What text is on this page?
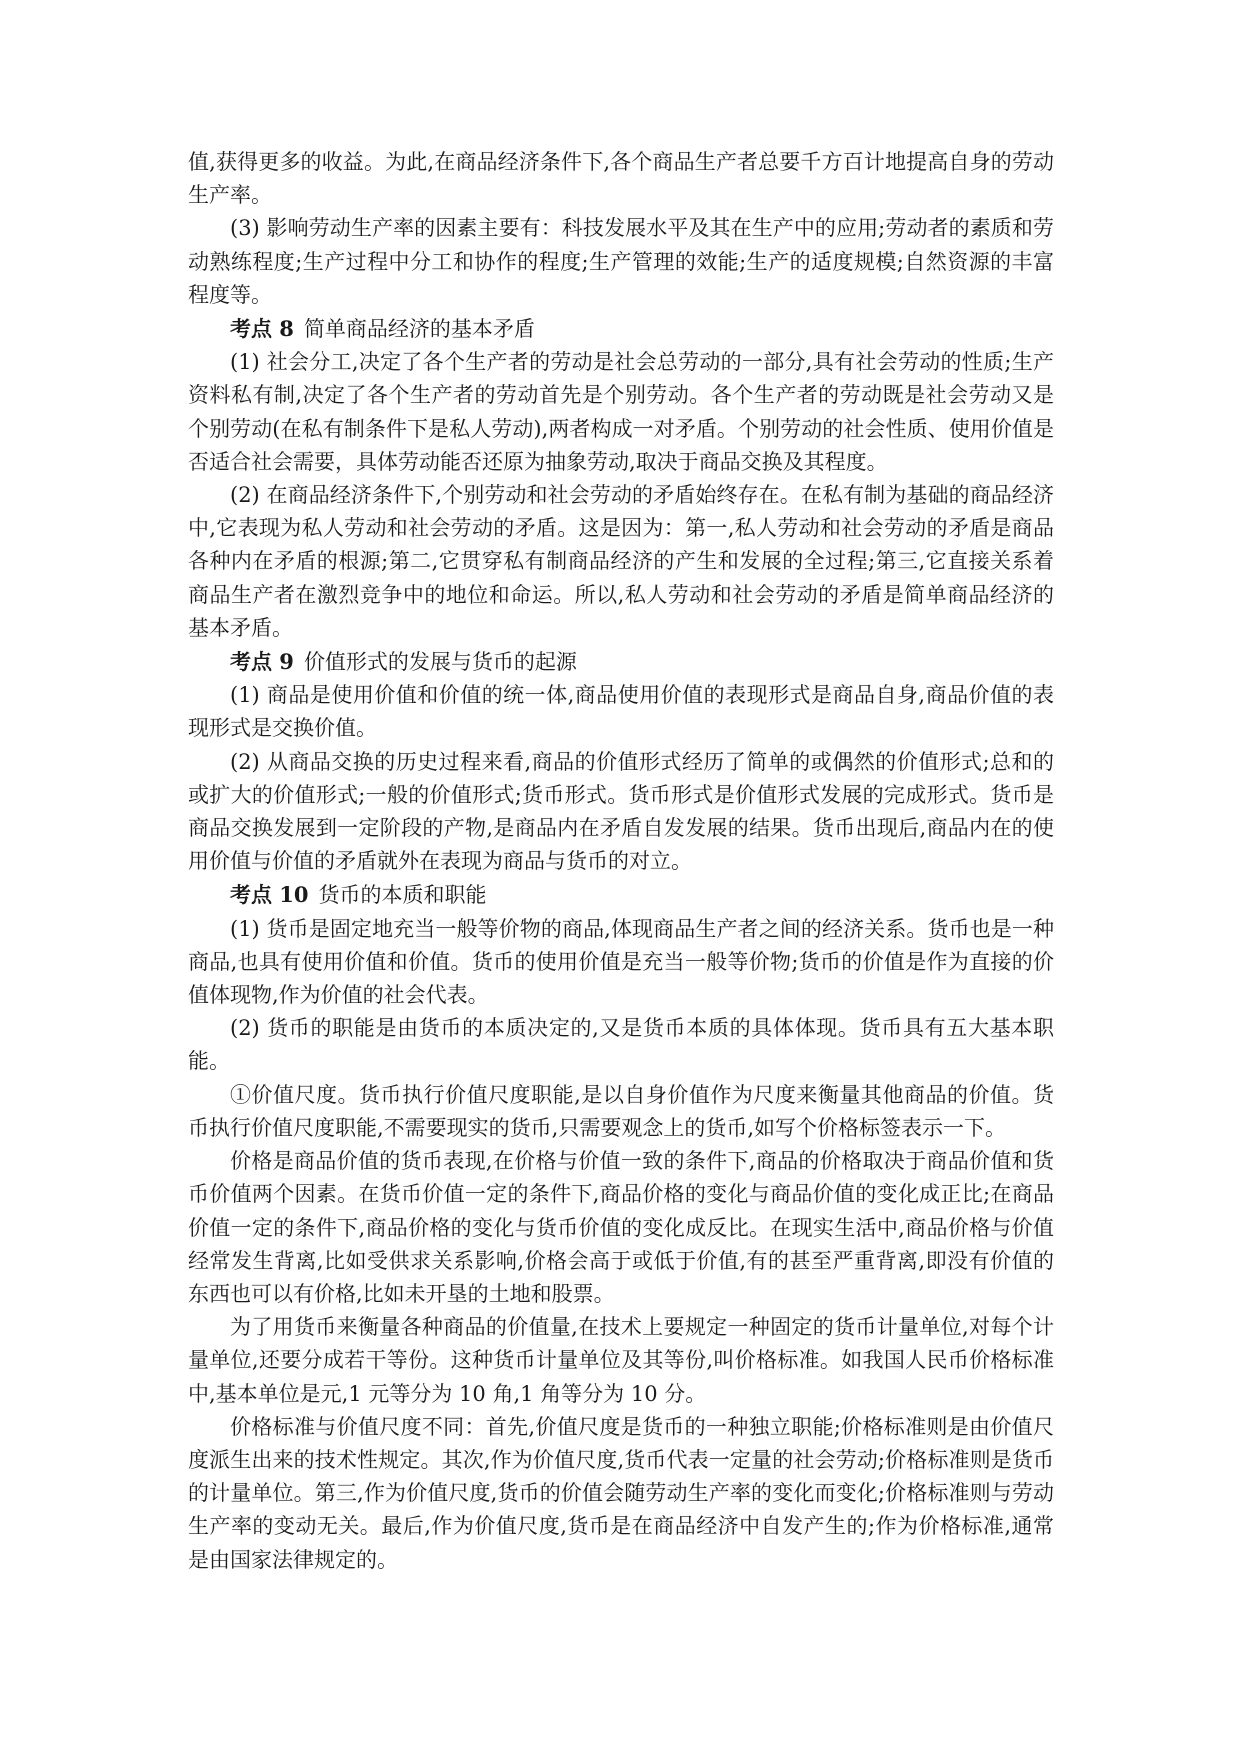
值,获得更多的收益。为此,在商品经济条件下,各个商品生产者总要千方百计地提高自身的劳动生产率。

(3) 影响劳动生产率的因素主要有：科技发展水平及其在生产中的应用;劳动者的素质和劳动熟练程度;生产过程中分工和协作的程度;生产管理的效能;生产的适度规模;自然资源的丰富程度等。

考点 8 简单商品经济的基本矛盾

(1) 社会分工,决定了各个生产者的劳动是社会总劳动的一部分,具有社会劳动的性质;生产资料私有制,决定了各个生产者的劳动首先是个别劳动。各个生产者的劳动既是社会劳动又是个别劳动(在私有制条件下是私人劳动),两者构成一对矛盾。个别劳动的社会性质、使用价值是否适合社会需要，具体劳动能否还原为抽象劳动,取决于商品交换及其程度。

(2) 在商品经济条件下,个别劳动和社会劳动的矛盾始终存在。在私有制为基础的商品经济中,它表现为私人劳动和社会劳动的矛盾。这是因为：第一,私人劳动和社会劳动的矛盾是商品各种内在矛盾的根源;第二,它贯穿私有制商品经济的产生和发展的全过程;第三,它直接关系着商品生产者在激烈竞争中的地位和命运。所以,私人劳动和社会劳动的矛盾是简单商品经济的基本矛盾。

考点 9 价值形式的发展与货币的起源

(1) 商品是使用价值和价值的统一体,商品使用价值的表现形式是商品自身,商品价值的表现形式是交换价值。

(2) 从商品交换的历史过程来看,商品的价值形式经历了简单的或偶然的价值形式;总和的或扩大的价值形式;一般的价值形式;货币形式。货币形式是价值形式发展的完成形式。货币是商品交换发展到一定阶段的产物,是商品内在矛盾自发发展的结果。货币出现后,商品内在的使用价值与价值的矛盾就外在表现为商品与货币的对立。

考点 10 货币的本质和职能

(1) 货币是固定地充当一般等价物的商品,体现商品生产者之间的经济关系。货币也是一种商品,也具有使用价值和价值。货币的使用价值是充当一般等价物;货币的价值是作为直接的价值体现物,作为价值的社会代表。

(2) 货币的职能是由货币的本质决定的,又是货币本质的具体体现。货币具有五大基本职能。

①价值尺度。货币执行价值尺度职能,是以自身价值作为尺度来衡量其他商品的价值。货币执行价值尺度职能,不需要现实的货币,只需要观念上的货币,如写个价格标签表示一下。

价格是商品价值的货币表现,在价格与价值一致的条件下,商品的价格取决于商品价值和货币价值两个因素。在货币价值一定的条件下,商品价格的变化与商品价值的变化成正比;在商品价值一定的条件下,商品价格的变化与货币价值的变化成反比。在现实生活中,商品价格与价值经常发生背离,比如受供求关系影响,价格会高于或低于价值,有的甚至严重背离,即没有价值的东西也可以有价格,比如未开垦的土地和股票。

为了用货币来衡量各种商品的价值量,在技术上要规定一种固定的货币计量单位,对每个计量单位,还要分成若干等份。这种货币计量单位及其等份,叫价格标准。如我国人民币价格标准中,基本单位是元,1 元等分为 10 角,1 角等分为 10 分。

价格标准与价值尺度不同：首先,价值尺度是货币的一种独立职能;价格标准则是由价值尺度派生出来的技术性规定。其次,作为价值尺度,货币代表一定量的社会劳动;价格标准则是货币的计量单位。第三,作为价值尺度,货币的价值会随劳动生产率的变化而变化;价格标准则与劳动生产率的变动无关。最后,作为价值尺度,货币是在商品经济中自发产生的;作为价格标准,通常是由国家法律规定的。
